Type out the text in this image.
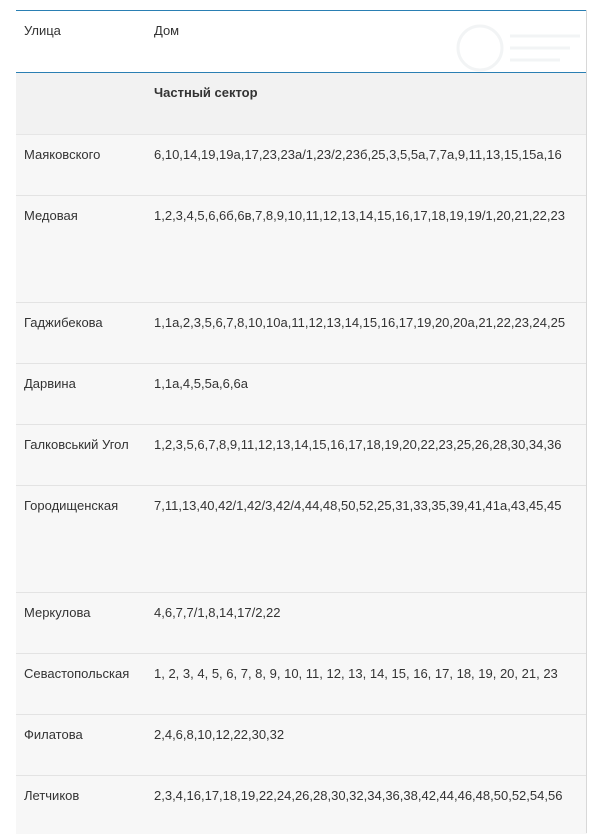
Улица	Дом
Частный сектор
Маяковского	6,10,14,19,19а,17,23,23а/1,23/2,23б,25,3,5,5а,7,7а,9,11,13,15,15а,16
Медовая	1,2,3,4,5,6,6б,6в,7,8,9,10,11,12,13,14,15,16,17,18,19,19/1,20,21,22,23
Гаджибекова	1,1а,2,3,5,6,7,8,10,10а,11,12,13,14,15,16,17,19,20,20а,21,22,23,24,25
Дарвина	1,1а,4,5,5а,6,6а
Галковський Угол	1,2,3,5,6,7,8,9,11,12,13,14,15,16,17,18,19,20,22,23,25,26,28,30,34,36
Городищенская	7,11,13,40,42/1,42/3,42/4,44,48,50,52,25,31,33,35,39,41,41а,43,45,45
Меркулова	4,6,7,7/1,8,14,17/2,22
Севастопольская	1, 2, 3, 4, 5, 6, 7, 8, 9, 10, 11, 12, 13, 14, 15, 16, 17, 18, 19, 20, 21, 23
Филатова	2,4,6,8,10,12,22,30,32
Летчиков	2,3,4,16,17,18,19,22,24,26,28,30,32,34,36,38,42,44,46,48,50,52,54,56
